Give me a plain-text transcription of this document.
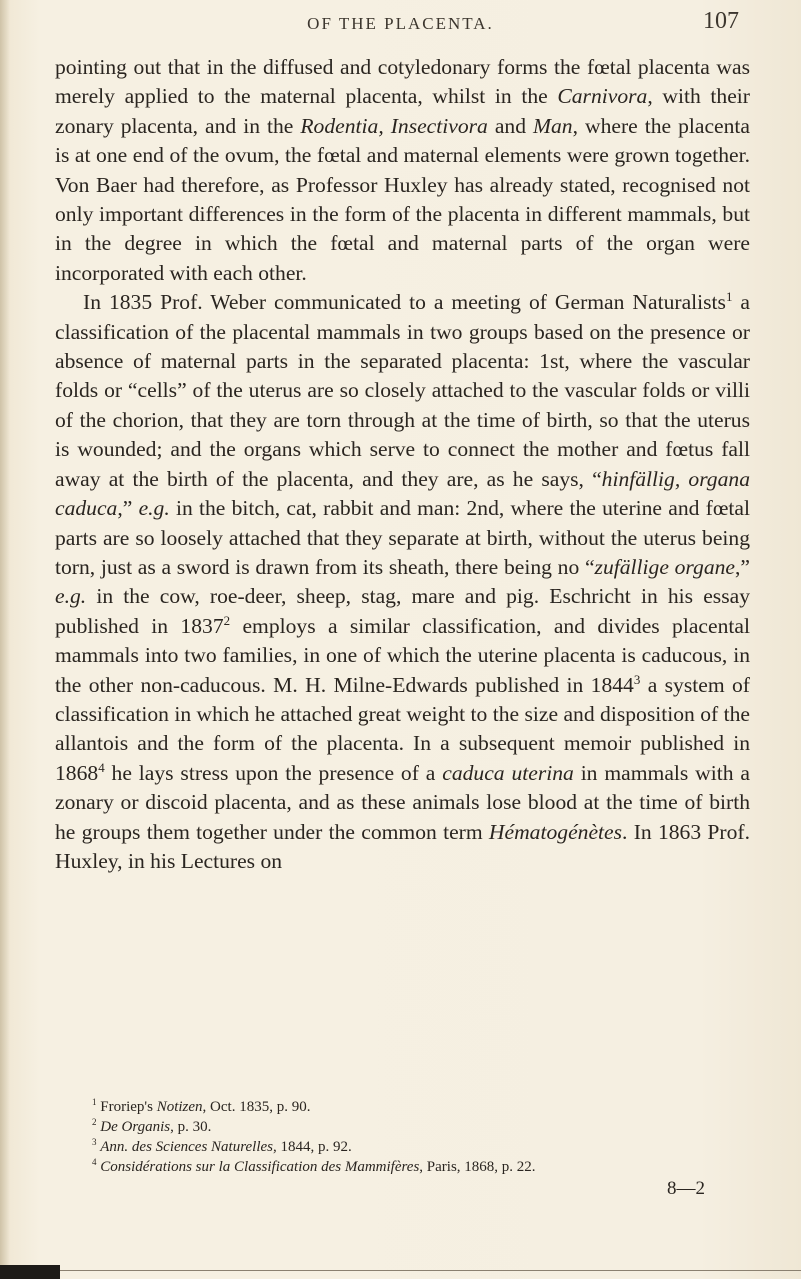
OF THE PLACENTA.	107

pointing out that in the diffused and cotyledonary forms the fœtal placenta was merely applied to the maternal placenta, whilst in the Carnivora, with their zonary placenta, and in the Rodentia, Insectivora and Man, where the placenta is at one end of the ovum, the fœtal and maternal elements were grown together. Von Baer had therefore, as Professor Huxley has already stated, recognised not only important differences in the form of the placenta in different mammals, but in the degree in which the fœtal and maternal parts of the organ were incorporated with each other.

In 1835 Prof. Weber communicated to a meeting of German Naturalists$^1$ a classification of the placental mammals in two groups based on the presence or absence of maternal parts in the separated placenta: 1st, where the vascular folds or “cells” of the uterus are so closely attached to the vascular folds or villi of the chorion, that they are torn through at the time of birth, so that the uterus is wounded; and the organs which serve to connect the mother and fœtus fall away at the birth of the placenta, and they are, as he says, “hinfällig, organa caduca,” e.g. in the bitch, cat, rabbit and man: 2nd, where the uterine and fœtal parts are so loosely attached that they separate at birth, without the uterus being torn, just as a sword is drawn from its sheath, there being no “zufällige organe,” e.g. in the cow, roe-deer, sheep, stag, mare and pig. Eschricht in his essay published in 1837$^2$ employs a similar classification, and divides placental mammals into two families, in one of which the uterine placenta is caducous, in the other non-caducous. M. H. Milne-Edwards published in 1844$^3$ a system of classification in which he attached great weight to the size and disposition of the allantois and the form of the placenta. In a subsequent memoir published in 1868$^4$ he lays stress upon the presence of a caduca uterina in mammals with a zonary or discoid placenta, and as these animals lose blood at the time of birth he groups them together under the common term Hématogénètes. In 1863 Prof. Huxley, in his Lectures on

$^1$ Froriep's Notizen, Oct. 1835, p. 90.
$^2$ De Organis, p. 30.
$^3$ Ann. des Sciences Naturelles, 1844, p. 92.
$^4$ Considérations sur la Classification des Mammifères, Paris, 1868, p. 22.
8—2
